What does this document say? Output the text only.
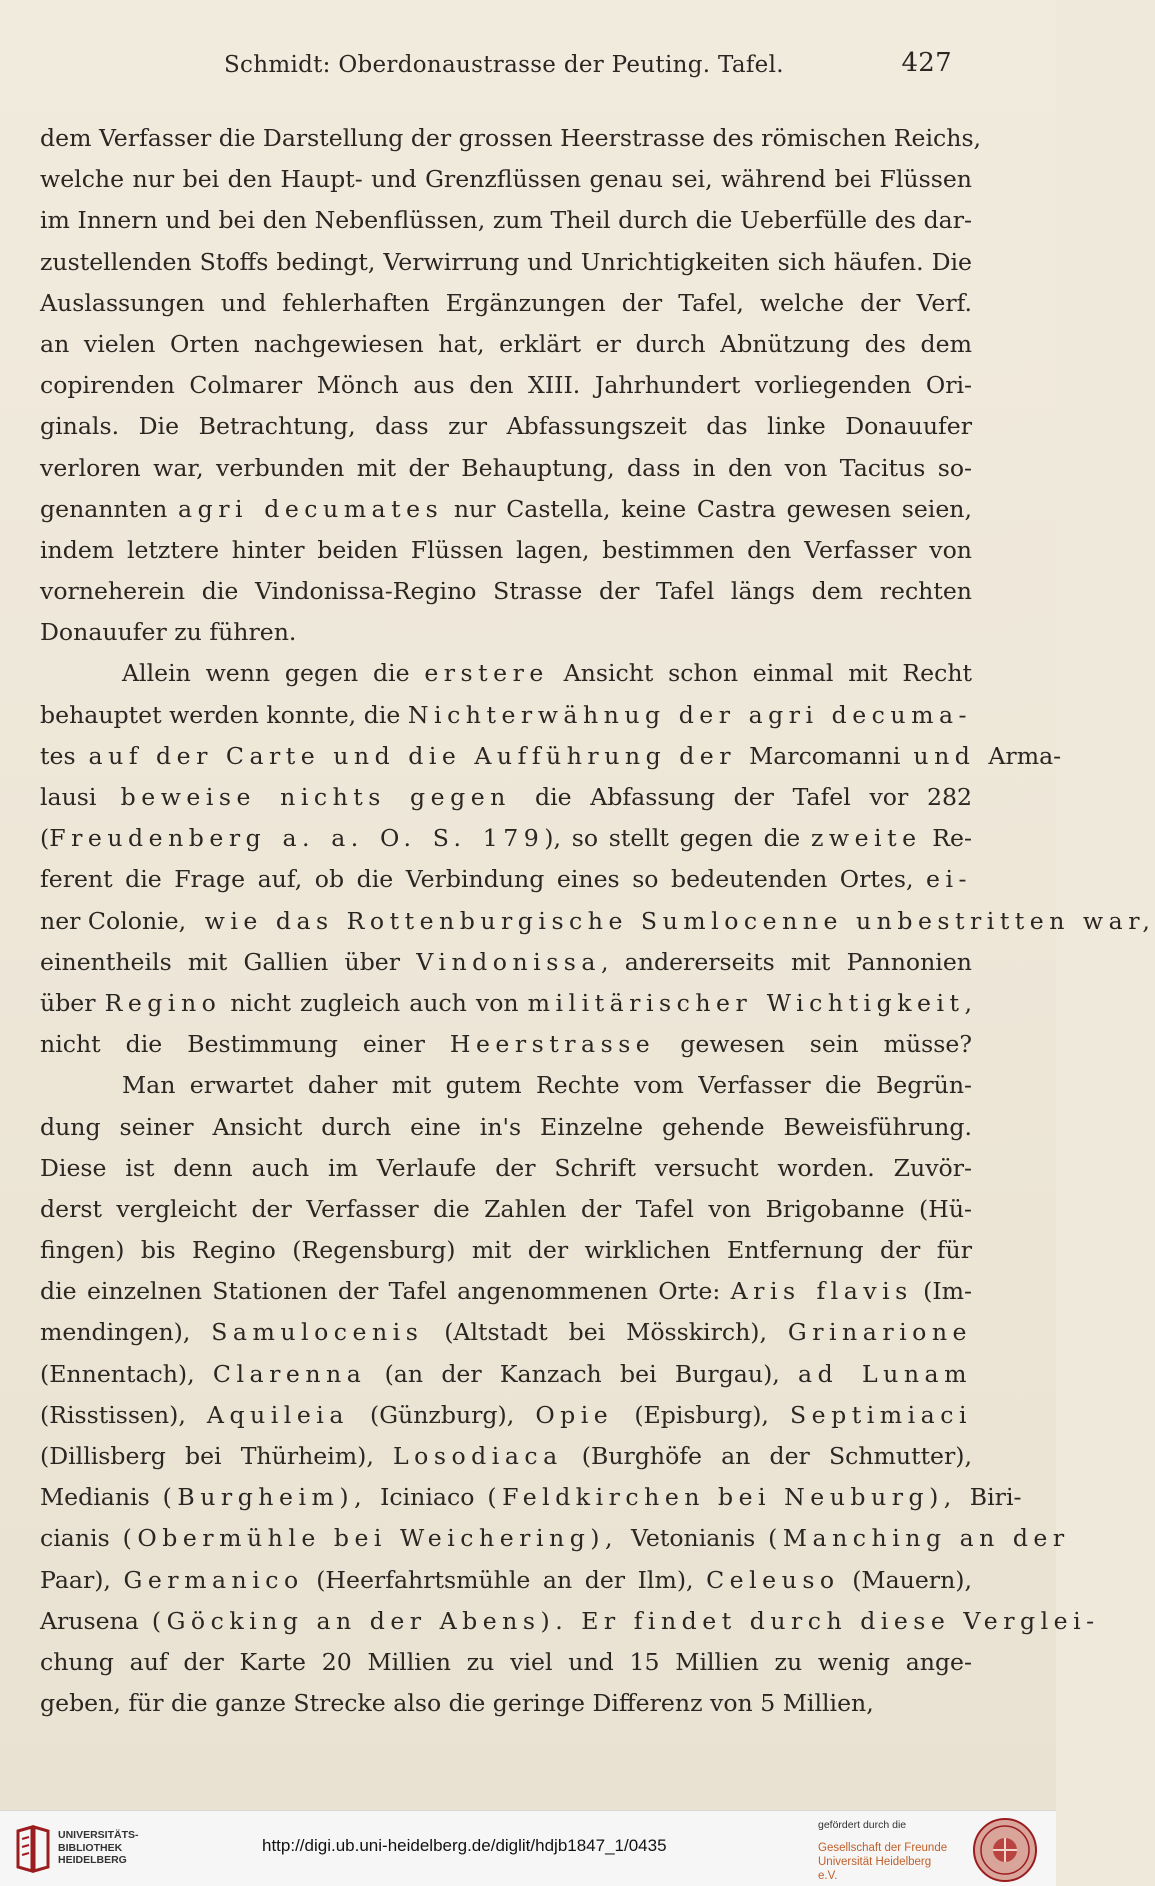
Schmidt: Oberdonaustrasse der Peuting. Tafel.	427
dem Verfasser die Darstellung der grossen Heerstrasse des römischen Reichs,
welche nur bei den Haupt- und Grenzflüssen genau sei, während bei Flüssen
im Innern und bei den Nebenflüssen, zum Theil durch die Ueberfülle des dar-
zustellenden Stoffs bedingt, Verwirrung und Unrichtigkeiten sich häufen. Die
Auslassungen und fehlerhaften Ergänzungen der Tafel, welche der Verf.
an vielen Orten nachgewiesen hat, erklärt er durch Abnützung des dem
copirenden Colmarer Mönch aus den XIII. Jahrhundert vorliegenden Ori-
ginals. Die Betrachtung, dass zur Abfassungszeit das linke Donauufer
verloren war, verbunden mit der Behauptung, dass in den von Tacitus so-
genannten agri decumates nur Castella, keine Castra gewesen seien,
indem letztere hinter beiden Flüssen lagen, bestimmen den Verfasser von
vorneherein die Vindonissa-Regino Strasse der Tafel längs dem rechten
Donauufer zu führen.
Allein wenn gegen die erstere Ansicht schon einmal mit Recht
behauptet werden konnte, die Nichterwähnug der agri decuma-
tes auf der Carte und die Aufführung der Marcomanni und Arma-
lausi beweise nichts gegen die Abfassung der Tafel vor 282
(Freudenberg a. a. O. S. 179), so stellt gegen die zweite Re-
ferent die Frage auf, ob die Verbindung eines so bedeutenden Ortes, ei-
ner Colonie, wie das Rottenburgische Sumlocenne unbestritten war,
einentheils mit Gallien über Vindonissa, andererseits mit Pannonien
über Regino nicht zugleich auch von militärischer Wichtigkeit,
nicht die Bestimmung einer Heerstrasse gewesen sein müsse?
Man erwartet daher mit gutem Rechte vom Verfasser die Begrün-
dung seiner Ansicht durch eine in's Einzelne gehende Beweisführung.
Diese ist denn auch im Verlaufe der Schrift versucht worden. Zuvör-
derst vergleicht der Verfasser die Zahlen der Tafel von Brigobanne (Hü-
fingen) bis Regino (Regensburg) mit der wirklichen Entfernung der für
die einzelnen Stationen der Tafel angenommenen Orte: Aris flavis (Im-
mendingen), Samulocenis (Altstadt bei Mösskirch), Grinarione
(Ennentach), Clarenna (an der Kanzach bei Burgau), ad Lunam
(Risstissen), Aquileia (Günzburg), Opie (Episburg), Septimiaci
(Dillisberg bei Thürheim), Losodiaca (Burghöfe an der Schmutter),
Medianis (Burgheim), Iciniaco (Feldkirchen bei Neuburg), Biri-
cianis (Obermühle bei Weichering), Vetonianis (Manching an der
Paar), Germanico (Heerfahrtsmühle an der Ilm), Celeuso (Mauern),
Arusena (Göcking an der Abens). Er findet durch diese Verglei-
chung auf der Karte 20 Millien zu viel und 15 Millien zu wenig ange-
geben, für die ganze Strecke also die geringe Differenz von 5 Millien,
UNIVERSITÄTS- BIBLIOTHEK HEIDELBERG
http://digi.ub.uni-heidelberg.de/diglit/hdjb1847_1/0435
gefördert durch die
Gesellschaft der Freunde Universität Heidelberg e.V.
